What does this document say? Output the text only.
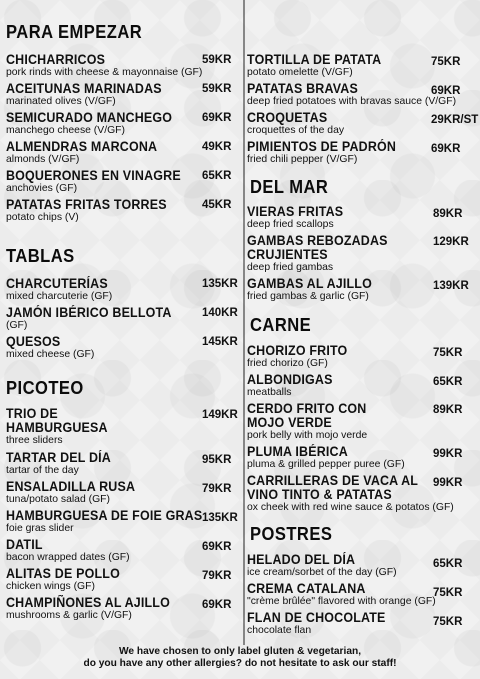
PARA EMPEZAR
CHICHARRICOS
pork rinds with cheese & mayonnaise (GF)
59KR
ACEITUNAS MARINADAS
marinated olives (V/GF)
59KR
SEMICURADO MANCHEGO
manchego cheese (V/GF)
69KR
ALMENDRAS MARCONA
almonds (V/GF)
49KR
BOQUERONES EN VINAGRE
anchovies (GF)
65KR
PATATAS FRITAS TORRES
potato chips (V)
45KR
TABLAS
CHARCUTERÍAS
mixed charcuterie (GF)
135KR
JAMÓN IBÉRICO BELLOTA
(GF)
140KR
QUESOS
mixed cheese (GF)
145KR
PICOTEO
TRIO DE
HAMBURGUESA
three sliders
149KR
TARTAR DEL DÍA
tartar of the day
95KR
ENSALADILLA RUSA
tuna/potato salad (GF)
79KR
HAMBURGUESA DE FOIE GRAS
foie gras slider
135KR
DATIL
bacon wrapped dates (GF)
69KR
ALITAS DE POLLO
chicken wings (GF)
79KR
CHAMPIÑONES AL AJILLO
mushrooms & garlic (V/GF)
69KR
TORTILLA DE PATATA
potato omelette (V/GF)
75KR
PATATAS BRAVAS
deep fried potatoes with bravas sauce (V/GF)
69KR
CROQUETAS
croquettes of the day
29KR/ST
PIMIENTOS DE PADRÓN
fried chili pepper (V/GF)
69KR
DEL MAR
VIERAS FRITAS
deep fried scallops
89KR
GAMBAS REBOZADAS
CRUJIENTES
deep fried gambas
129KR
GAMBAS AL AJILLO
fried gambas & garlic (GF)
139KR
CARNE
CHORIZO FRITO
fried chorizo (GF)
75KR
ALBONDIGAS
meatballs
65KR
CERDO FRITO CON
MOJO VERDE
pork belly with mojo verde
89KR
PLUMA IBÉRICA
pluma & grilled pepper puree (GF)
99KR
CARRILLERAS DE VACA AL
VINO TINTO & PATATAS
ox cheek with red wine sauce & potatos (GF)
99KR
POSTRES
HELADO DEL DÍA
ice cream/sorbet of the day (GF)
65KR
CREMA CATALANA
"crème brûlée" flavored with orange (GF)
75KR
FLAN DE CHOCOLATE
chocolate flan
75KR
We have chosen to only label gluten & vegetarian,
do you have any other allergies? do not hesitate to ask our staff!
